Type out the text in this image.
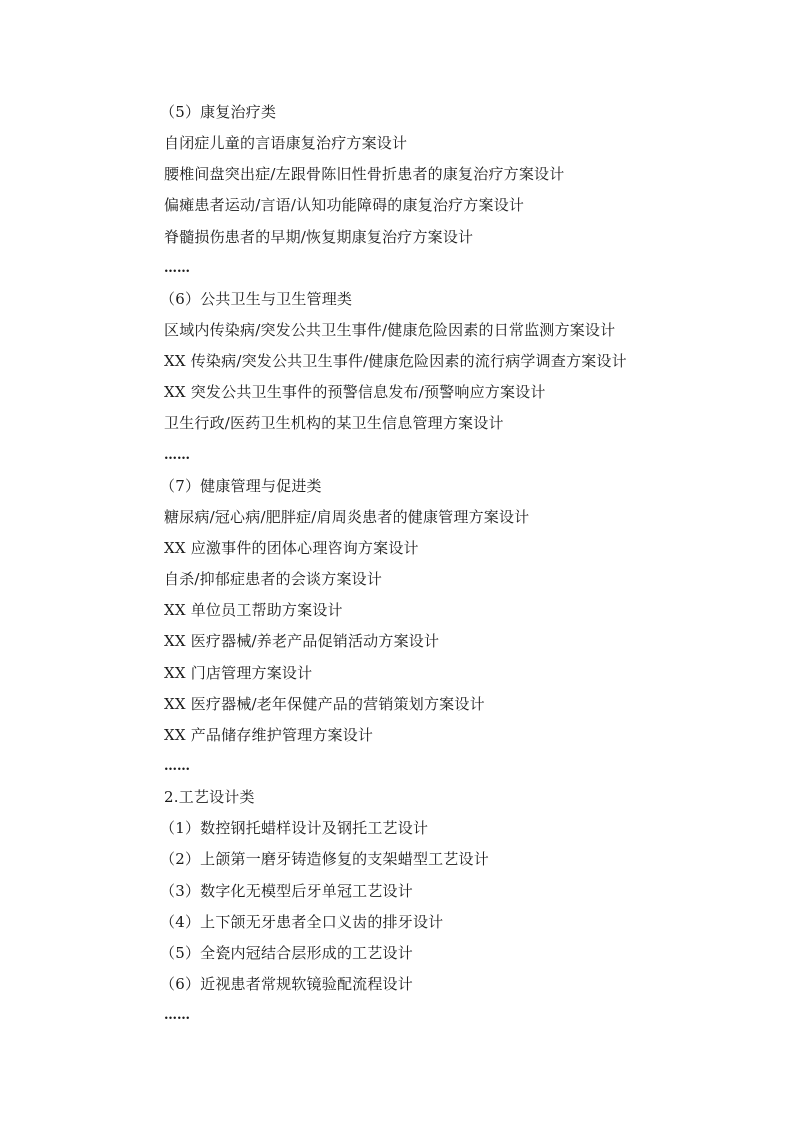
（5）康复治疗类
自闭症儿童的言语康复治疗方案设计
腰椎间盘突出症/左跟骨陈旧性骨折患者的康复治疗方案设计
偏瘫患者运动/言语/认知功能障碍的康复治疗方案设计
脊髓损伤患者的早期/恢复期康复治疗方案设计
……
（6）公共卫生与卫生管理类
区域内传染病/突发公共卫生事件/健康危险因素的日常监测方案设计
XX 传染病/突发公共卫生事件/健康危险因素的流行病学调查方案设计
XX 突发公共卫生事件的预警信息发布/预警响应方案设计
卫生行政/医药卫生机构的某卫生信息管理方案设计
……
（7）健康管理与促进类
糖尿病/冠心病/肥胖症/肩周炎患者的健康管理方案设计
XX 应激事件的团体心理咨询方案设计
自杀/抑郁症患者的会谈方案设计
XX 单位员工帮助方案设计
XX 医疗器械/养老产品促销活动方案设计
XX 门店管理方案设计
XX 医疗器械/老年保健产品的营销策划方案设计
XX 产品储存维护管理方案设计
……
2.工艺设计类
（1）数控钢托蜡样设计及钢托工艺设计
（2）上颌第一磨牙铸造修复的支架蜡型工艺设计
（3）数字化无模型后牙单冠工艺设计
（4）上下颌无牙患者全口义齿的排牙设计
（5）全瓷内冠结合层形成的工艺设计
（6）近视患者常规软镜验配流程设计
……
